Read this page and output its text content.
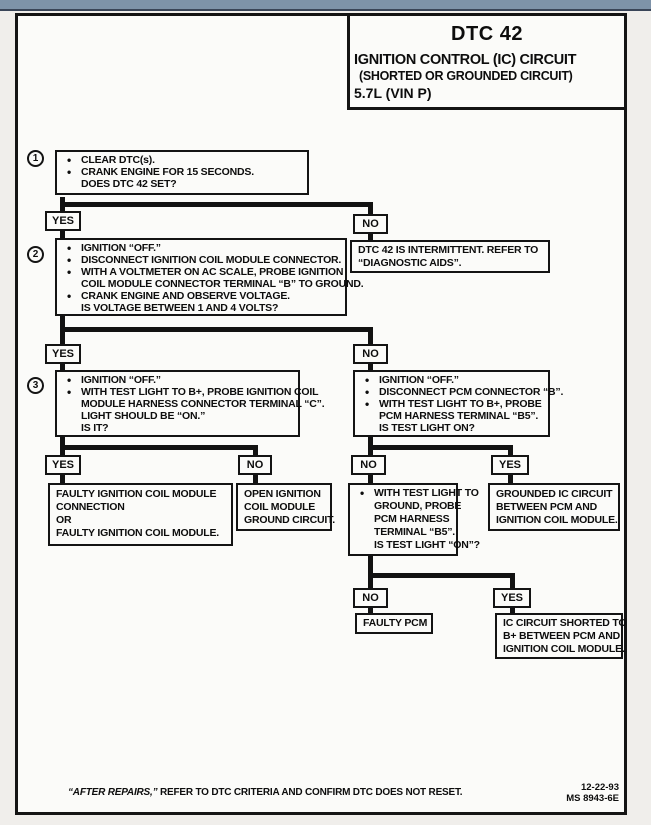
DTC 42
IGNITION CONTROL (IC) CIRCUIT
(SHORTED OR GROUNDED CIRCUIT)
5.7L (VIN P)
1
2
3
• CLEAR DTC(s).
• CRANK ENGINE FOR 15 SECONDS.
DOES DTC 42 SET?
YES	NO
DTC 42 IS INTERMITTENT. REFER TO
“DIAGNOSTIC AIDS”.
• IGNITION “OFF.”
• DISCONNECT IGNITION COIL MODULE CONNECTOR.
• WITH A VOLTMETER ON AC SCALE, PROBE IGNITION
COIL MODULE CONNECTOR TERMINAL “B” TO GROUND.
• CRANK ENGINE AND OBSERVE VOLTAGE.
IS VOLTAGE BETWEEN 1 AND 4 VOLTS?
YES	NO
• IGNITION “OFF.”
• WITH TEST LIGHT TO B+, PROBE IGNITION COIL
MODULE HARNESS CONNECTOR TERMINAL “C”.
LIGHT SHOULD BE “ON.”
IS IT?
• IGNITION “OFF.”
• DISCONNECT PCM CONNECTOR “B”.
• WITH TEST LIGHT TO B+, PROBE
PCM HARNESS TERMINAL “B5”.
IS TEST LIGHT ON?
YES	NO	NO	YES
FAULTY IGNITION COIL MODULE
CONNECTION
OR
FAULTY IGNITION COIL MODULE.
OPEN IGNITION
COIL MODULE
GROUND CIRCUIT.
• WITH TEST LIGHT TO
GROUND, PROBE
PCM HARNESS
TERMINAL “B5”.
IS TEST LIGHT “ON”?
GROUNDED IC CIRCUIT
BETWEEN PCM AND
IGNITION COIL MODULE.
NO	YES
FAULTY PCM	IC CIRCUIT SHORTED TO
B+ BETWEEN PCM AND
IGNITION COIL MODULE.
“AFTER REPAIRS,” REFER TO DTC CRITERIA AND CONFIRM DTC DOES NOT RESET.	12-22-93
MS 8943-6E
